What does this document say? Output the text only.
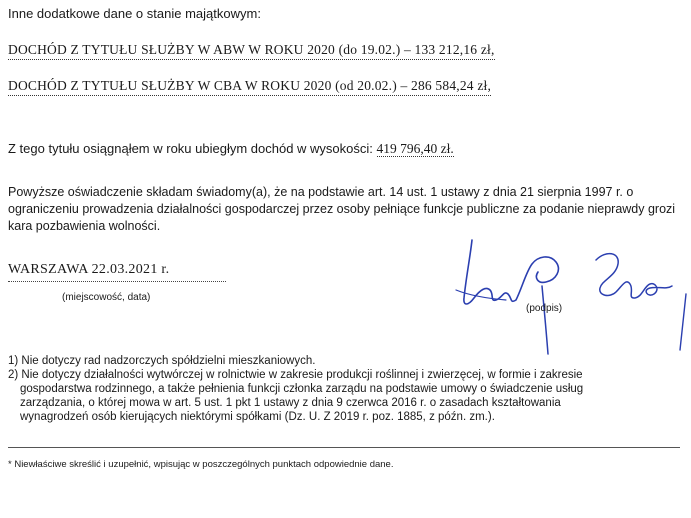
Inne dodatkowe dane o stanie majątkowym:
DOCHÓD Z TYTUŁU SŁUŻBY W ABW W ROKU 2020 (do 19.02.) – 133 212,16 zł,
DOCHÓD Z TYTUŁU SŁUŻBY W CBA W ROKU 2020 (od 20.02.) – 286 584,24 zł,
Z tego tytułu osiągnąłem w roku ubiegłym dochód w wysokości: 419 796,40 zł.
Powyższe oświadczenie składam świadomy(a), że na podstawie art. 14 ust. 1 ustawy z dnia 21 sierpnia 1997 r. o ograniczeniu prowadzenia działalności gospodarczej przez osoby pełniące funkcje publiczne za podanie nieprawdy grozi kara pozbawienia wolności.
WARSZAWA 22.03.2021 r.
(miejscowość, data)
(podpis)

1) Nie dotyczy rad nadzorczych spółdzielni mieszkaniowych.

2) Nie dotyczy działalności wytwórczej w rolnictwie w zakresie produkcji roślinnej i zwierzęcej, w formie i zakresie

gospodarstwa rodzinnego, a także pełnienia funkcji członka zarządu na podstawie umowy o świadczenie usług

zarządzania, o której mowa w art. 5 ust. 1 pkt 1 ustawy z dnia 9 czerwca 2016 r. o zasadach kształtowania

wynagrodzeń osób kierujących niektórymi spółkami (Dz. U. Z 2019 r. poz. 1885, z późn. zm.).

* Niewłaściwe skreślić i uzupełnić, wpisując w poszczególnych punktach odpowiednie dane.
